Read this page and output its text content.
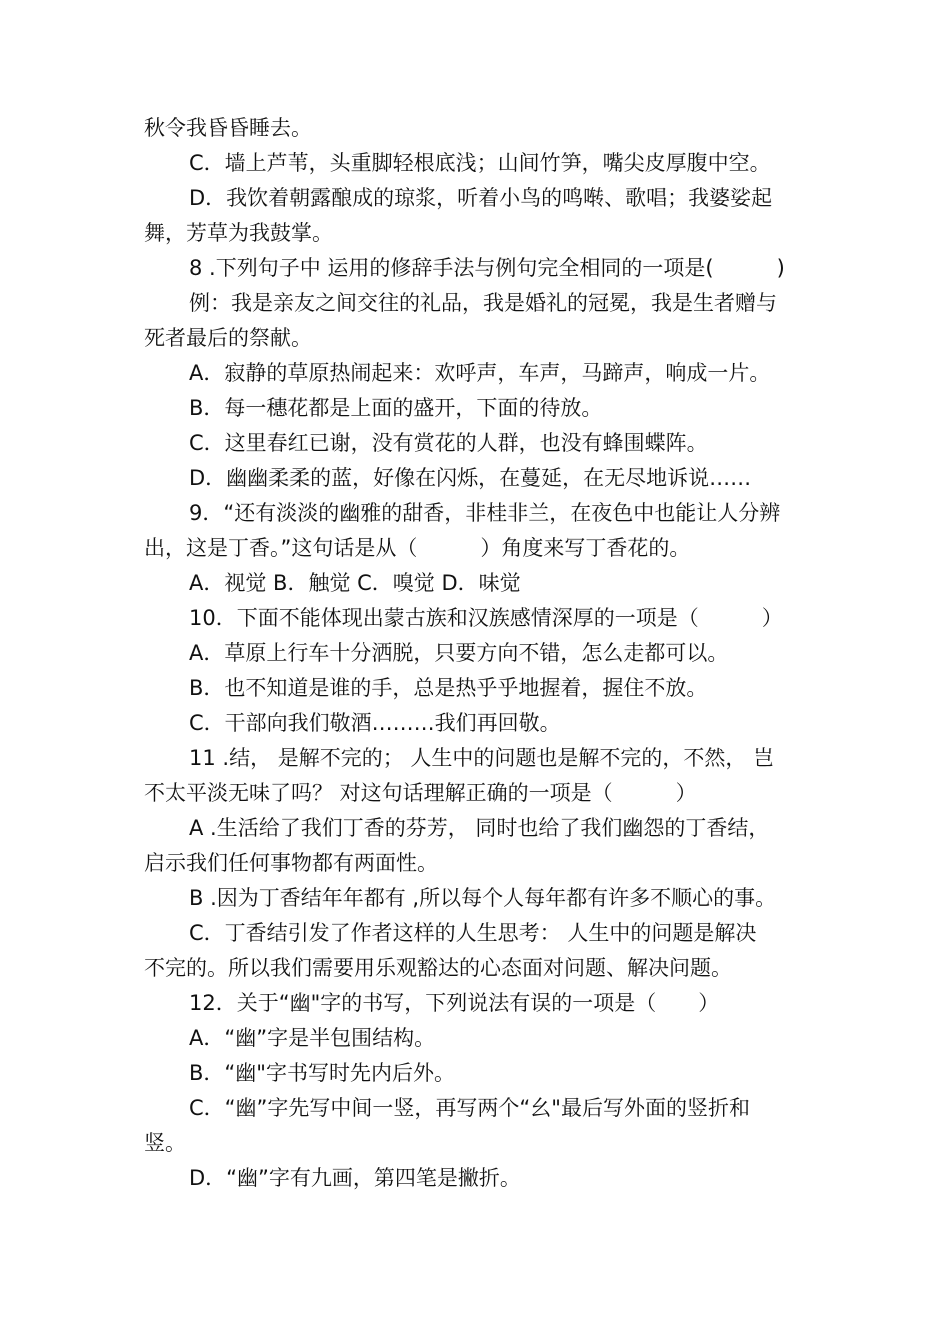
秋令我昏昏睡去。
C．墙上芦苇，头重脚轻根底浅；山间竹笋，嘴尖皮厚腹中空。
D．我饮着朝露酿成的琼浆，听着小鸟的鸣啭、歌唱；我婆娑起
舞，芳草为我鼓掌。
8 .下列句子中 运用的修辞手法与例句完全相同的一项是(　　　)
例：我是亲友之间交往的礼品，我是婚礼的冠冕，我是生者赠与
死者最后的祭献。
A．寂静的草原热闹起来：欢呼声，车声，马蹄声，响成一片。
B．每一穗花都是上面的盛开，下面的待放。
C．这里春红已谢，没有赏花的人群，也没有蜂围蝶阵。
D．幽幽柔柔的蓝，好像在闪烁，在蔓延，在无尽地诉说……
9．“还有淡淡的幽雅的甜香，非桂非兰，在夜色中也能让人分辨
出，这是丁香。”这句话是从（　　　）角度来写丁香花的。
A．视觉 B．触觉 C．嗅觉 D．味觉
10．下面不能体现出蒙古族和汉族感情深厚的一项是（　　　）
A．草原上行车十分洒脱，只要方向不错，怎么走都可以。
B．也不知道是谁的手，总是热乎乎地握着，握住不放。
C．干部向我们敬酒………我们再回敬。
11 .结， 是解不完的； 人生中的问题也是解不完的，不然， 岂
不太平淡无味了吗？ 对这句话理解正确的一项是（　　　）
A .生活给了我们丁香的芬芳， 同时也给了我们幽怨的丁香结，
启示我们任何事物都有两面性。
B .因为丁香结年年都有 ,所以每个人每年都有许多不顺心的事。
C．丁香结引发了作者这样的人生思考： 人生中的问题是解决
不完的。所以我们需要用乐观豁达的心态面对问题、解决问题。
12．关于“幽"字的书写，下列说法有误的一项是（　　）
A．“幽”字是半包围结构。
B．“幽"字书写时先内后外。
C．“幽”字先写中间一竖，再写两个“幺"最后写外面的竖折和
竖。
D．“幽”字有九画，第四笔是撇折。
